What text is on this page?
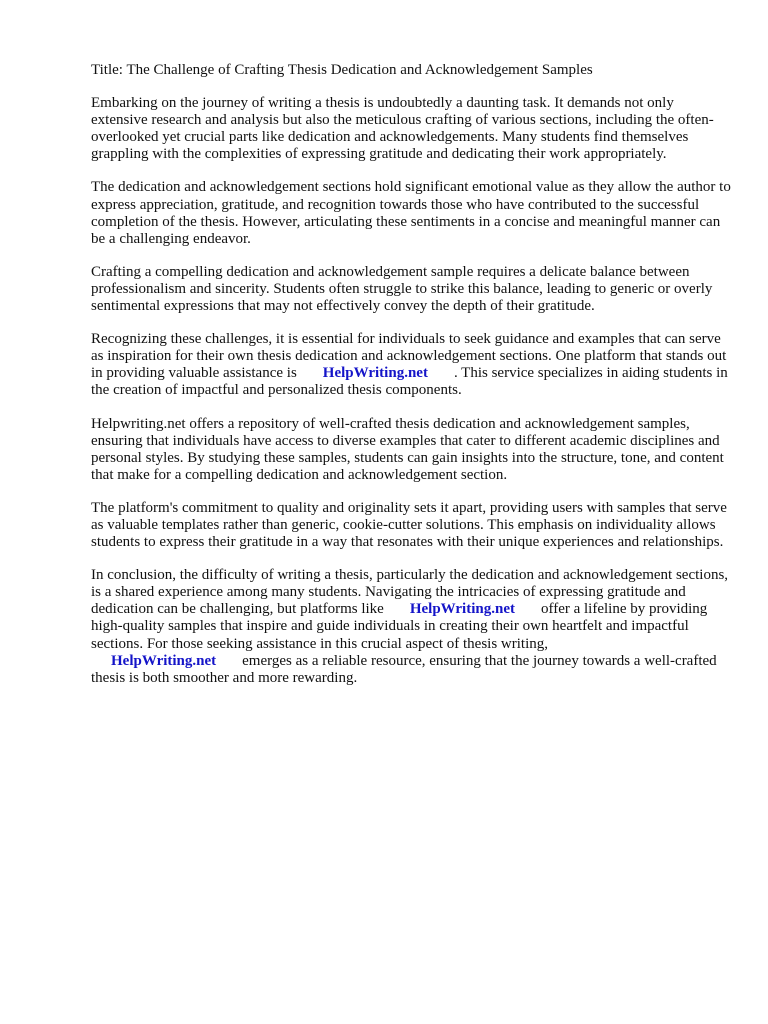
Title: The Challenge of Crafting Thesis Dedication and Acknowledgement Samples

Embarking on the journey of writing a thesis is undoubtedly a daunting task. It demands not only extensive research and analysis but also the meticulous crafting of various sections, including the often-overlooked yet crucial parts like dedication and acknowledgements. Many students find themselves grappling with the complexities of expressing gratitude and dedicating their work appropriately.

The dedication and acknowledgement sections hold significant emotional value as they allow the author to express appreciation, gratitude, and recognition towards those who have contributed to the successful completion of the thesis. However, articulating these sentiments in a concise and meaningful manner can be a challenging endeavor.

Crafting a compelling dedication and acknowledgement sample requires a delicate balance between professionalism and sincerity. Students often struggle to strike this balance, leading to generic or overly sentimental expressions that may not effectively convey the depth of their gratitude.

Recognizing these challenges, it is essential for individuals to seek guidance and examples that can serve as inspiration for their own thesis dedication and acknowledgement sections. One platform that stands out in providing valuable assistance is HelpWriting.net . This service specializes in aiding students in the creation of impactful and personalized thesis components.

Helpwriting.net offers a repository of well-crafted thesis dedication and acknowledgement samples, ensuring that individuals have access to diverse examples that cater to different academic disciplines and personal styles. By studying these samples, students can gain insights into the structure, tone, and content that make for a compelling dedication and acknowledgement section.

The platform's commitment to quality and originality sets it apart, providing users with samples that serve as valuable templates rather than generic, cookie-cutter solutions. This emphasis on individuality allows students to express their gratitude in a way that resonates with their unique experiences and relationships.

In conclusion, the difficulty of writing a thesis, particularly the dedication and acknowledgement sections, is a shared experience among many students. Navigating the intricacies of expressing gratitude and dedication can be challenging, but platforms like HelpWriting.net offer a lifeline by providing high-quality samples that inspire and guide individuals in creating their own heartfelt and impactful sections. For those seeking assistance in this crucial aspect of thesis writing, HelpWriting.net emerges as a reliable resource, ensuring that the journey towards a well-crafted thesis is both smoother and more rewarding.
